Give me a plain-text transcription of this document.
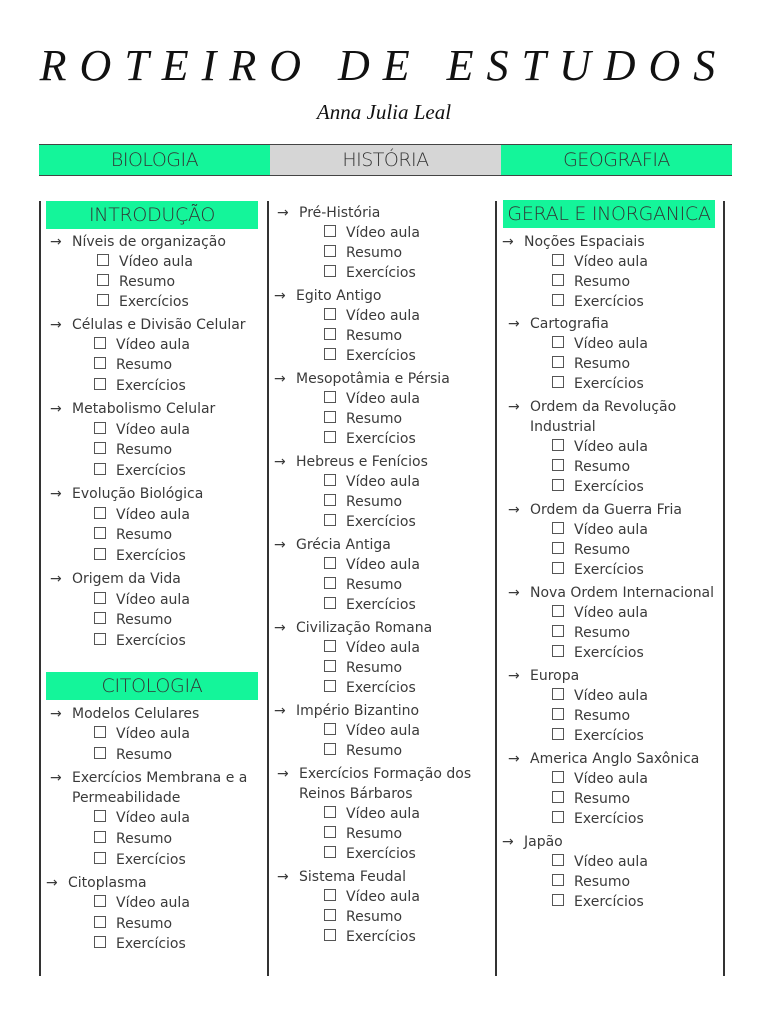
ROTEIRO DE ESTUDOS
Anna Julia Leal
BIOLOGIA	HISTÓRIA	GEOGRAFIA
INTRODUÇÃO
→ Níveis de organização
Vídeo aula
Resumo
Exercícios
→ Células e Divisão Celular
Vídeo aula
Resumo
Exercícios
→ Metabolismo Celular
Vídeo aula
Resumo
Exercícios
→ Evolução Biológica
Vídeo aula
Resumo
Exercícios
→ Origem da Vida
Vídeo aula
Resumo
Exercícios
CITOLOGIA
→ Modelos Celulares
Vídeo aula
Resumo
→ Exercícios Membrana e a
Permeabilidade
Vídeo aula
Resumo
Exercícios
→ Citoplasma
Vídeo aula
Resumo
Exercícios
→ Pré-História
Vídeo aula
Resumo
Exercícios
→ Egito Antigo
Vídeo aula
Resumo
Exercícios
→ Mesopotâmia e Pérsia
Vídeo aula
Resumo
Exercícios
→ Hebreus e Fenícios
Vídeo aula
Resumo
Exercícios
→ Grécia Antiga
Vídeo aula
Resumo
Exercícios
→ Civilização Romana
Vídeo aula
Resumo
Exercícios
→ Império Bizantino
Vídeo aula
Resumo
→ Exercícios Formação dos
Reinos Bárbaros
Vídeo aula
Resumo
Exercícios
→ Sistema Feudal
Vídeo aula
Resumo
Exercícios
GERAL E INORGANICA
→ Noções Espaciais
Vídeo aula
Resumo
Exercícios
→ Cartografia
Vídeo aula
Resumo
Exercícios
→ Ordem da Revolução
Industrial
Vídeo aula
Resumo
Exercícios
→ Ordem da Guerra Fria
Vídeo aula
Resumo
Exercícios
→ Nova Ordem Internacional
Vídeo aula
Resumo
Exercícios
→ Europa
Vídeo aula
Resumo
Exercícios
→ America Anglo Saxônica
Vídeo aula
Resumo
Exercícios
→ Japão
Vídeo aula
Resumo
Exercícios
